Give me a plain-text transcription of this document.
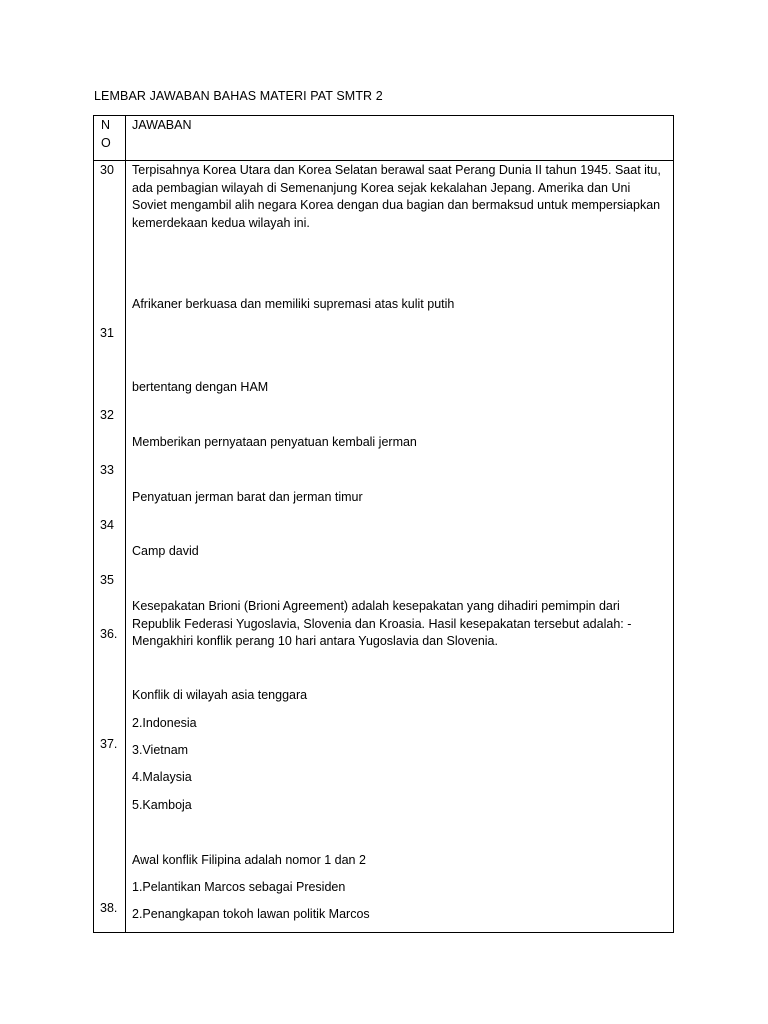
LEMBAR JAWABAN BAHAS MATERI PAT SMTR 2
N
O
JAWABAN
30 Terpisahnya Korea Utara dan Korea Selatan berawal saat Perang Dunia II tahun 1945. Saat itu, ada pembagian wilayah di Semenanjung Korea sejak kekalahan Jepang. Amerika dan Uni Soviet mengambil alih negara Korea dengan dua bagian dan bermaksud untuk mempersiapkan kemerdekaan kedua wilayah ini.
Afrikaner berkuasa dan memiliki supremasi atas kulit putih
31
bertentang dengan HAM
32
Memberikan pernyataan penyatuan kembali jerman
33
Penyatuan jerman barat dan jerman timur
34
Camp david
35
Kesepakatan Brioni (Brioni Agreement) adalah kesepakatan yang dihadiri pemimpin dari Republik Federasi Yugoslavia, Slovenia dan Kroasia. Hasil kesepakatan tersebut adalah: - Mengakhiri konflik perang 10 hari antara Yugoslavia dan Slovenia.
36.
Konflik di wilayah asia tenggara
2.Indonesia
37. 3.Vietnam
4.Malaysia
5.Kamboja
Awal konflik Filipina adalah nomor 1 dan 2
1.Pelantikan Marcos sebagai Presiden
38. 2.Penangkapan tokoh lawan politik Marcos
